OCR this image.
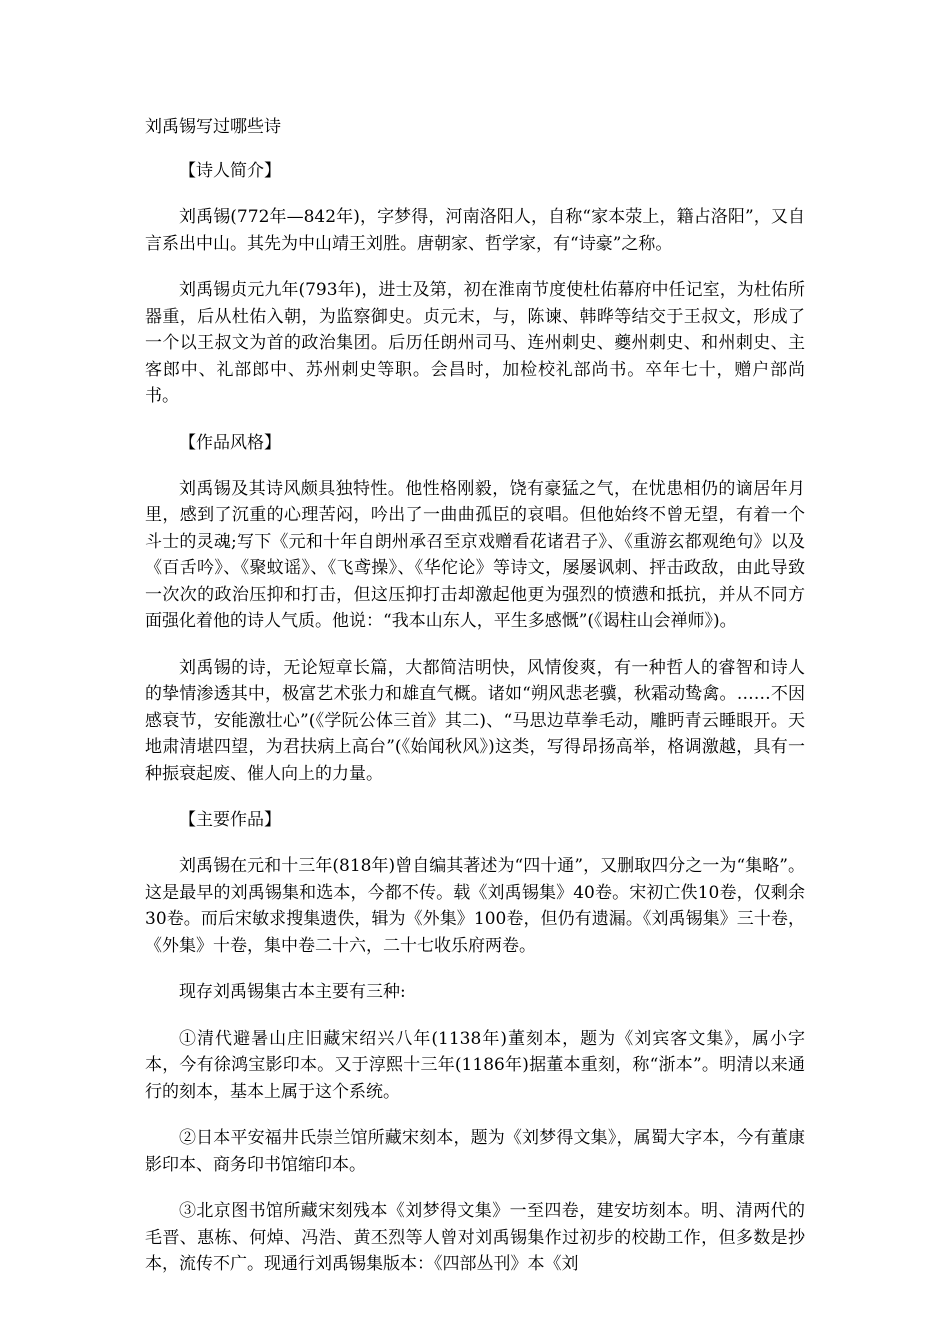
刘禹锡写过哪些诗
【诗人简介】

刘禹锡(772年—842年)，字梦得，河南洛阳人，自称“家本荥上，籍占洛阳”，又自言系出中山。其先为中山靖王刘胜。唐朝家、哲学家，有“诗豪”之称。

刘禹锡贞元九年(793年)，进士及第，初在淮南节度使杜佑幕府中任记室，为杜佑所器重，后从杜佑入朝，为监察御史。贞元末，与，陈谏、韩晔等结交于王叔文，形成了一个以王叔文为首的政治集团。后历任朗州司马、连州刺史、夔州刺史、和州刺史、主客郎中、礼部郎中、苏州刺史等职。会昌时，加检校礼部尚书。卒年七十，赠户部尚书。

【作品风格】

刘禹锡及其诗风颇具独特性。他性格刚毅，饶有豪猛之气，在忧患相仍的谪居年月里，感到了沉重的心理苦闷，吟出了一曲曲孤臣的哀唱。但他始终不曾无望，有着一个斗士的灵魂;写下《元和十年自朗州承召至京戏赠看花诸君子》、《重游玄都观绝句》以及《百舌吟》、《聚蚊谣》、《飞鸢操》、《华佗论》等诗文，屡屡讽刺、抨击政敌，由此导致一次次的政治压抑和打击，但这压抑打击却激起他更为强烈的愤懑和抵抗，并从不同方面强化着他的诗人气质。他说：“我本山东人，平生多感慨”(《谒柱山会禅师》)。

刘禹锡的诗，无论短章长篇，大都简洁明快，风情俊爽，有一种哲人的睿智和诗人的挚情渗透其中，极富艺术张力和雄直气概。诸如“朔风悲老骥，秋霜动鸷禽。……不因感衰节，安能激壮心”(《学阮公体三首》其二)、“马思边草拳毛动，雕眄青云睡眼开。天地肃清堪四望，为君扶病上高台”(《始闻秋风》)这类，写得昂扬高举，格调激越，具有一种振衰起废、催人向上的力量。

【主要作品】

刘禹锡在元和十三年(818年)曾自编其著述为“四十通”，又删取四分之一为“集略”。这是最早的刘禹锡集和选本，今都不传。载《刘禹锡集》40卷。宋初亡佚10卷，仅剩余30卷。而后宋敏求搜集遗佚，辑为《外集》100卷，但仍有遗漏。《刘禹锡集》三十卷，《外集》十卷，集中卷二十六，二十七收乐府两卷。

现存刘禹锡集古本主要有三种:

①清代避暑山庄旧藏宋绍兴八年(1138年)董刻本，题为《刘宾客文集》，属小字本，今有徐鸿宝影印本。又于淳熙十三年(1186年)据董本重刻，称“浙本”。明清以来通行的刻本，基本上属于这个系统。

②日本平安福井氏崇兰馆所藏宋刻本，题为《刘梦得文集》，属蜀大字本，今有董康影印本、商务印书馆缩印本。

③北京图书馆所藏宋刻残本《刘梦得文集》一至四卷，建安坊刻本。明、清两代的毛晋、惠栋、何焯、冯浩、黄丕烈等人曾对刘禹锡集作过初步的校勘工作，但多数是抄本，流传不广。现通行刘禹锡集版本：《四部丛刊》本《刘
